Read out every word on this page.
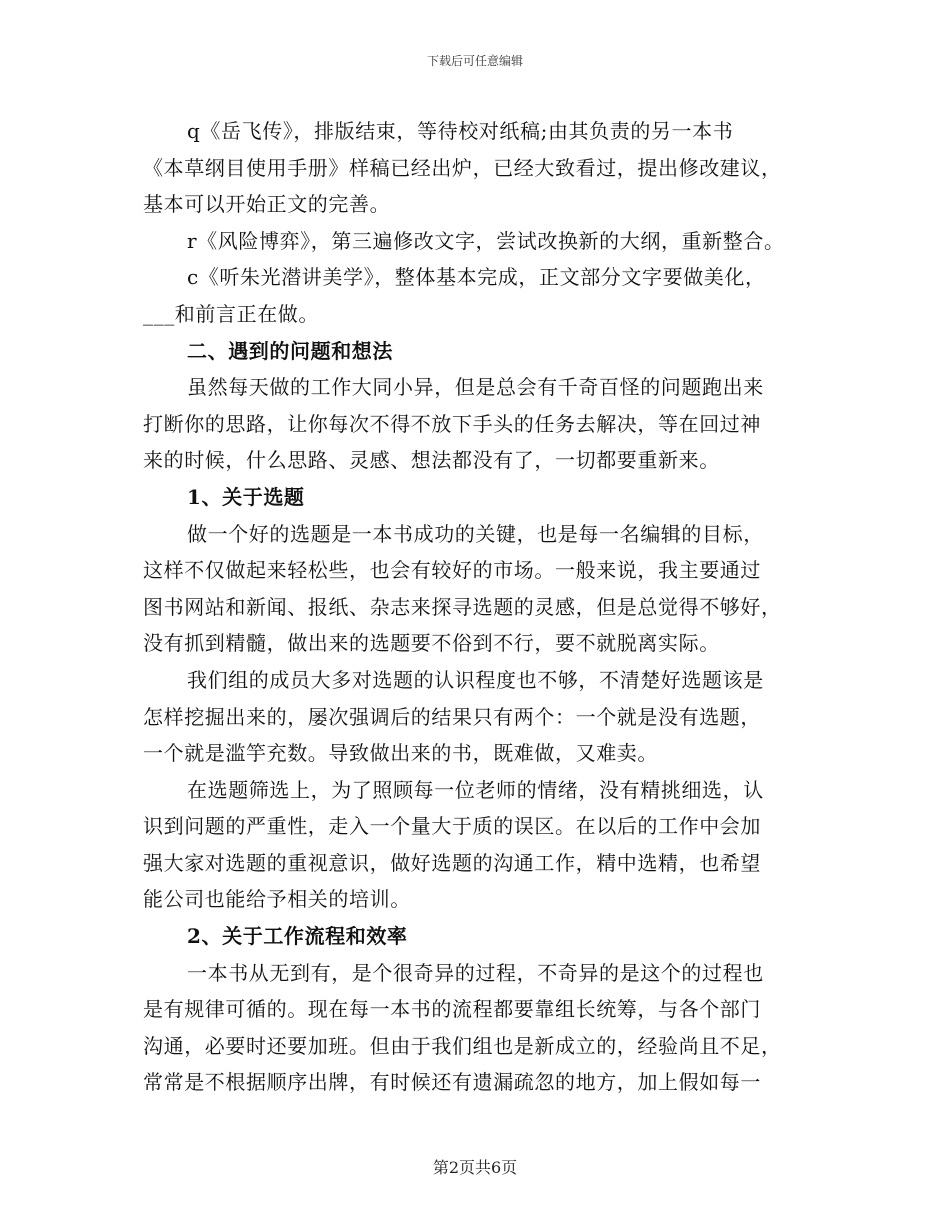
下载后可任意编辑
q《岳飞传》，排版结束，等待校对纸稿;由其负责的另一本书
《本草纲目使用手册》样稿已经出炉，已经大致看过，提出修改建议，
基本可以开始正文的完善。
r《风险博弈》，第三遍修改文字，尝试改换新的大纲，重新整合。
c《听朱光潜讲美学》，整体基本完成，正文部分文字要做美化，
___和前言正在做。
二、遇到的问题和想法
虽然每天做的工作大同小异，但是总会有千奇百怪的问题跑出来
打断你的思路，让你每次不得不放下手头的任务去解决，等在回过神
来的时候，什么思路、灵感、想法都没有了，一切都要重新来。
1、关于选题
做一个好的选题是一本书成功的关键，也是每一名编辑的目标，
这样不仅做起来轻松些，也会有较好的市场。一般来说，我主要通过
图书网站和新闻、报纸、杂志来探寻选题的灵感，但是总觉得不够好，
没有抓到精髓，做出来的选题要不俗到不行，要不就脱离实际。
我们组的成员大多对选题的认识程度也不够，不清楚好选题该是
怎样挖掘出来的，屡次强调后的结果只有两个：一个就是没有选题，
一个就是滥竽充数。导致做出来的书，既难做，又难卖。
在选题筛选上，为了照顾每一位老师的情绪，没有精挑细选，认
识到问题的严重性，走入一个量大于质的误区。在以后的工作中会加
强大家对选题的重视意识，做好选题的沟通工作，精中选精，也希望
能公司也能给予相关的培训。
2、关于工作流程和效率
一本书从无到有，是个很奇异的过程，不奇异的是这个的过程也
是有规律可循的。现在每一本书的流程都要靠组长统筹，与各个部门
沟通，必要时还要加班。但由于我们组也是新成立的，经验尚且不足，
常常是不根据顺序出牌，有时候还有遗漏疏忽的地方，加上假如每一
第2页共6页
